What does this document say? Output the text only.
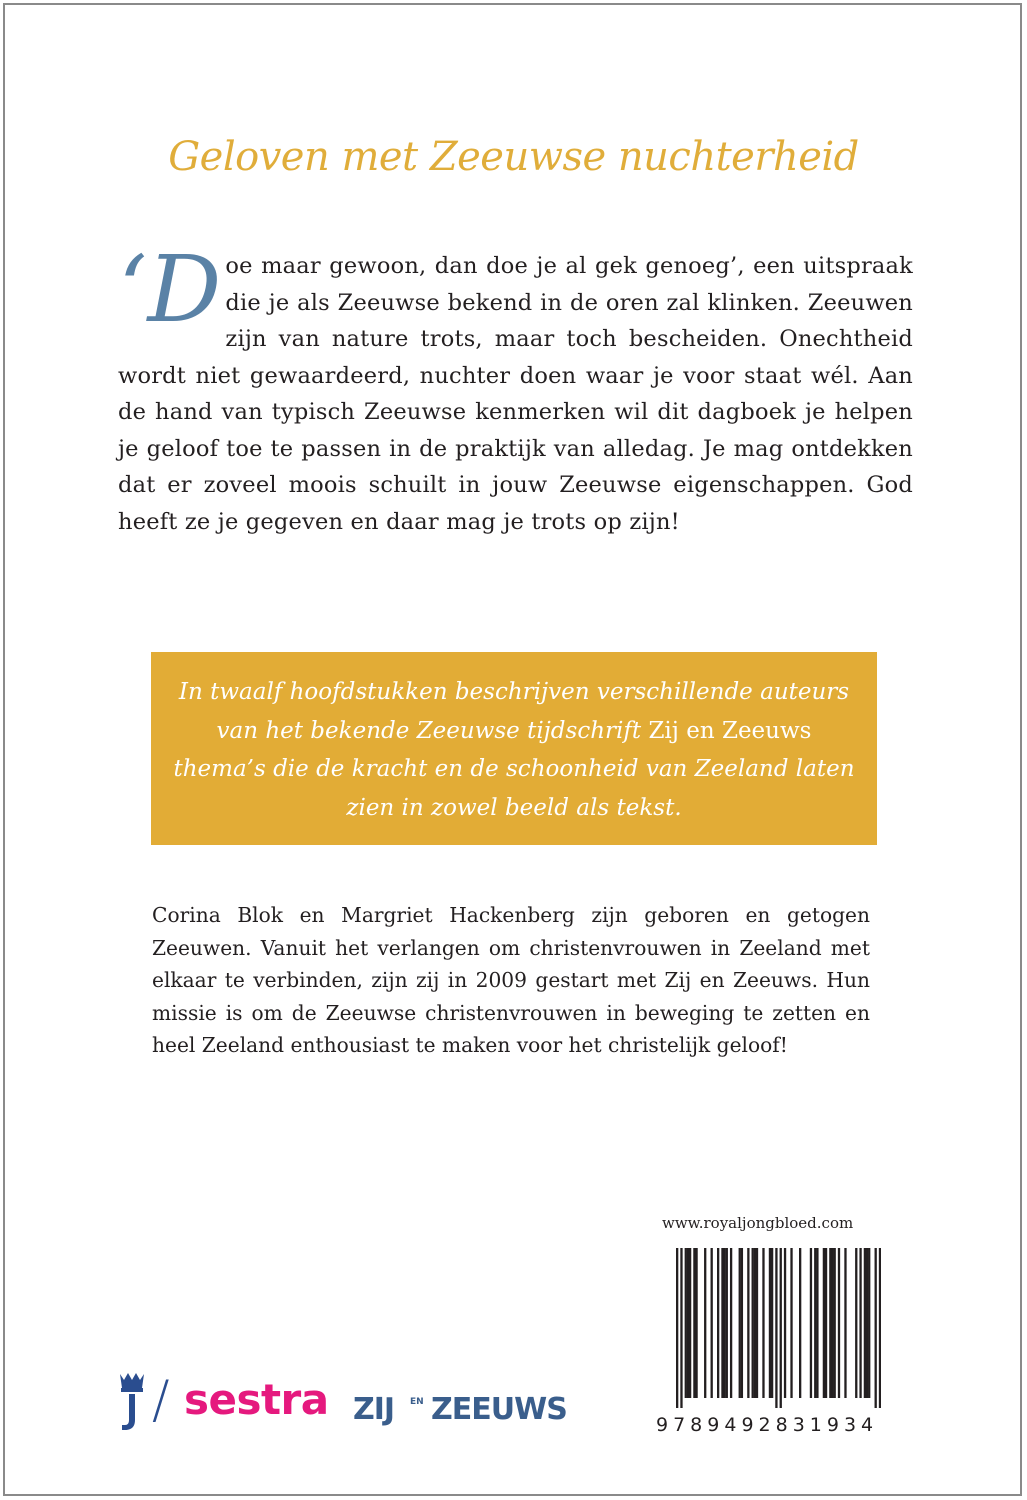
Geloven met Zeeuwse nuchterheid
‘D oe maar gewoon, dan doe je al gek genoeg’, een uitspraak die je als Zeeuwse bekend in de oren zal klinken. Zeeuwen zijn van nature trots, maar toch bescheiden. Onechtheid wordt niet gewaardeerd, nuchter doen waar je voor staat wél. Aan de hand van typisch Zeeuwse kenmerken wil dit dagboek je helpen je geloof toe te passen in de praktijk van alledag. Je mag ontdekken dat er zoveel moois schuilt in jouw Zeeuwse eigenschappen. God heeft ze je gegeven en daar mag je trots op zijn!
In twaalf hoofdstukken beschrijven verschillende auteurs van het bekende Zeeuwse tijdschrift Zij en Zeeuws thema’s die de kracht en de schoonheid van Zeeland laten zien in zowel beeld als tekst.
Corina Blok en Margriet Hackenberg zijn geboren en getogen Zeeuwen. Vanuit het verlangen om christenvrouwen in Zeeland met elkaar te verbinden, zijn zij in 2009 gestart met Zij en Zeeuws. Hun missie is om de Zeeuwse christenvrouwen in beweging te zetten en heel Zeeland enthousiast te maken voor het christelijk geloof!
www.royaljongbloed.com
9789492831934
/ sestra ZIJ EN ZEEUWS
